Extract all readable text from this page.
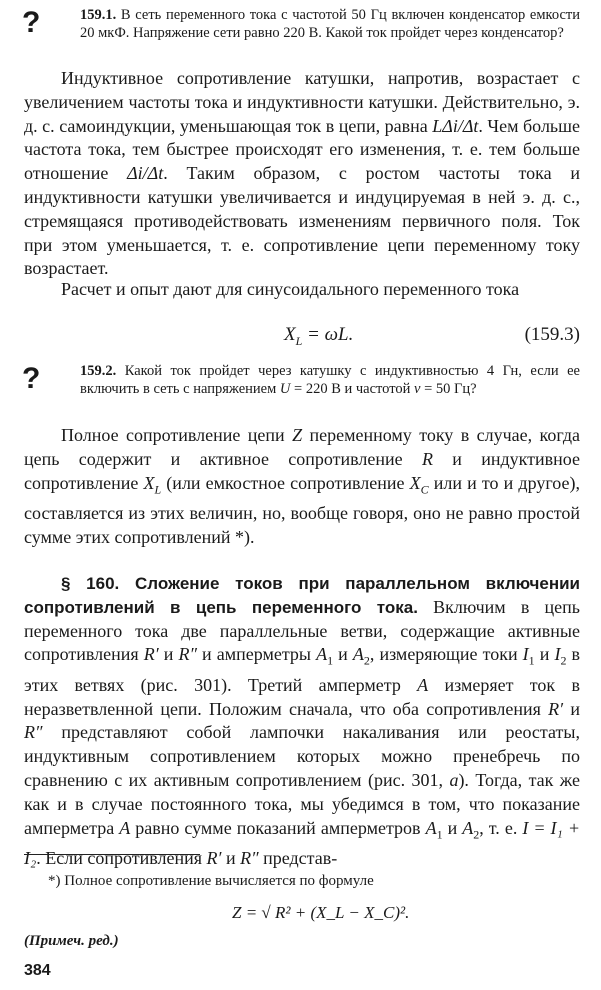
?	159.1. В сеть переменного тока с частотой 50 Гц включен конденсатор емкости 20 мкФ. Напряжение сети равно 220 В. Какой ток пройдет через конденсатор?

Индуктивное сопротивление катушки, напротив, возрастает с увеличением частоты тока и индуктивности катушки. Действительно, э. д. с. самоиндукции, уменьшающая ток в цепи, равна LΔi/Δt. Чем больше частота тока, тем быстрее происходят его изменения, т. е. тем больше отношение Δi/Δt. Таким образом, с ростом частоты тока и индуктивности катушки увеличивается и индуцируемая в ней э. д. с., стремящаяся противодействовать изменениям первичного поля. Ток при этом уменьшается, т. е. сопротивление цепи переменному току возрастает.

Расчет и опыт дают для синусоидального переменного тока

$X_L = \omega L$.	(159.3)
?	159.2. Какой ток пройдет через катушку с индуктивностью 4 Гн, если ее включить в сеть с напряжением U = 220 В и частотой ν = 50 Гц?

Полное сопротивление цепи Z переменному току в случае, когда цепь содержит и активное сопротивление R и индуктивное сопротивление $X_L$ (или емкостное сопротивление $X_C$ или и то и другое), составляется из этих величин, но, вообще говоря, оно не равно простой сумме этих сопротивлений *).

§ 160. Сложение токов при параллельном включении сопротивлений в цепь переменного тока. Включим в цепь переменного тока две параллельные ветви, содержащие активные сопротивления R′ и R″ и амперметры $A_1$ и $A_2$, измеряющие токи $I_1$ и $I_2$ в этих ветвях (рис. 301). Третий амперметр A измеряет ток в неразветвленной цепи. Положим сначала, что оба сопротивления R′ и R″ представляют собой лампочки накаливания или реостаты, индуктивным сопротивлением которых можно пренебречь по сравнению с их активным сопротивлением (рис. 301, а). Тогда, так же как и в случае постоянного тока, мы убедимся в том, что показание амперметра A равно сумме показаний амперметров $A_1$ и $A_2$, т. е. I = I₁ + I₂. Если сопротивления R′ и R″ представ-

*) Полное сопротивление вычисляется по формуле
Z = √ R² + (X_L − X_C)².
(Примеч. ред.)
384
